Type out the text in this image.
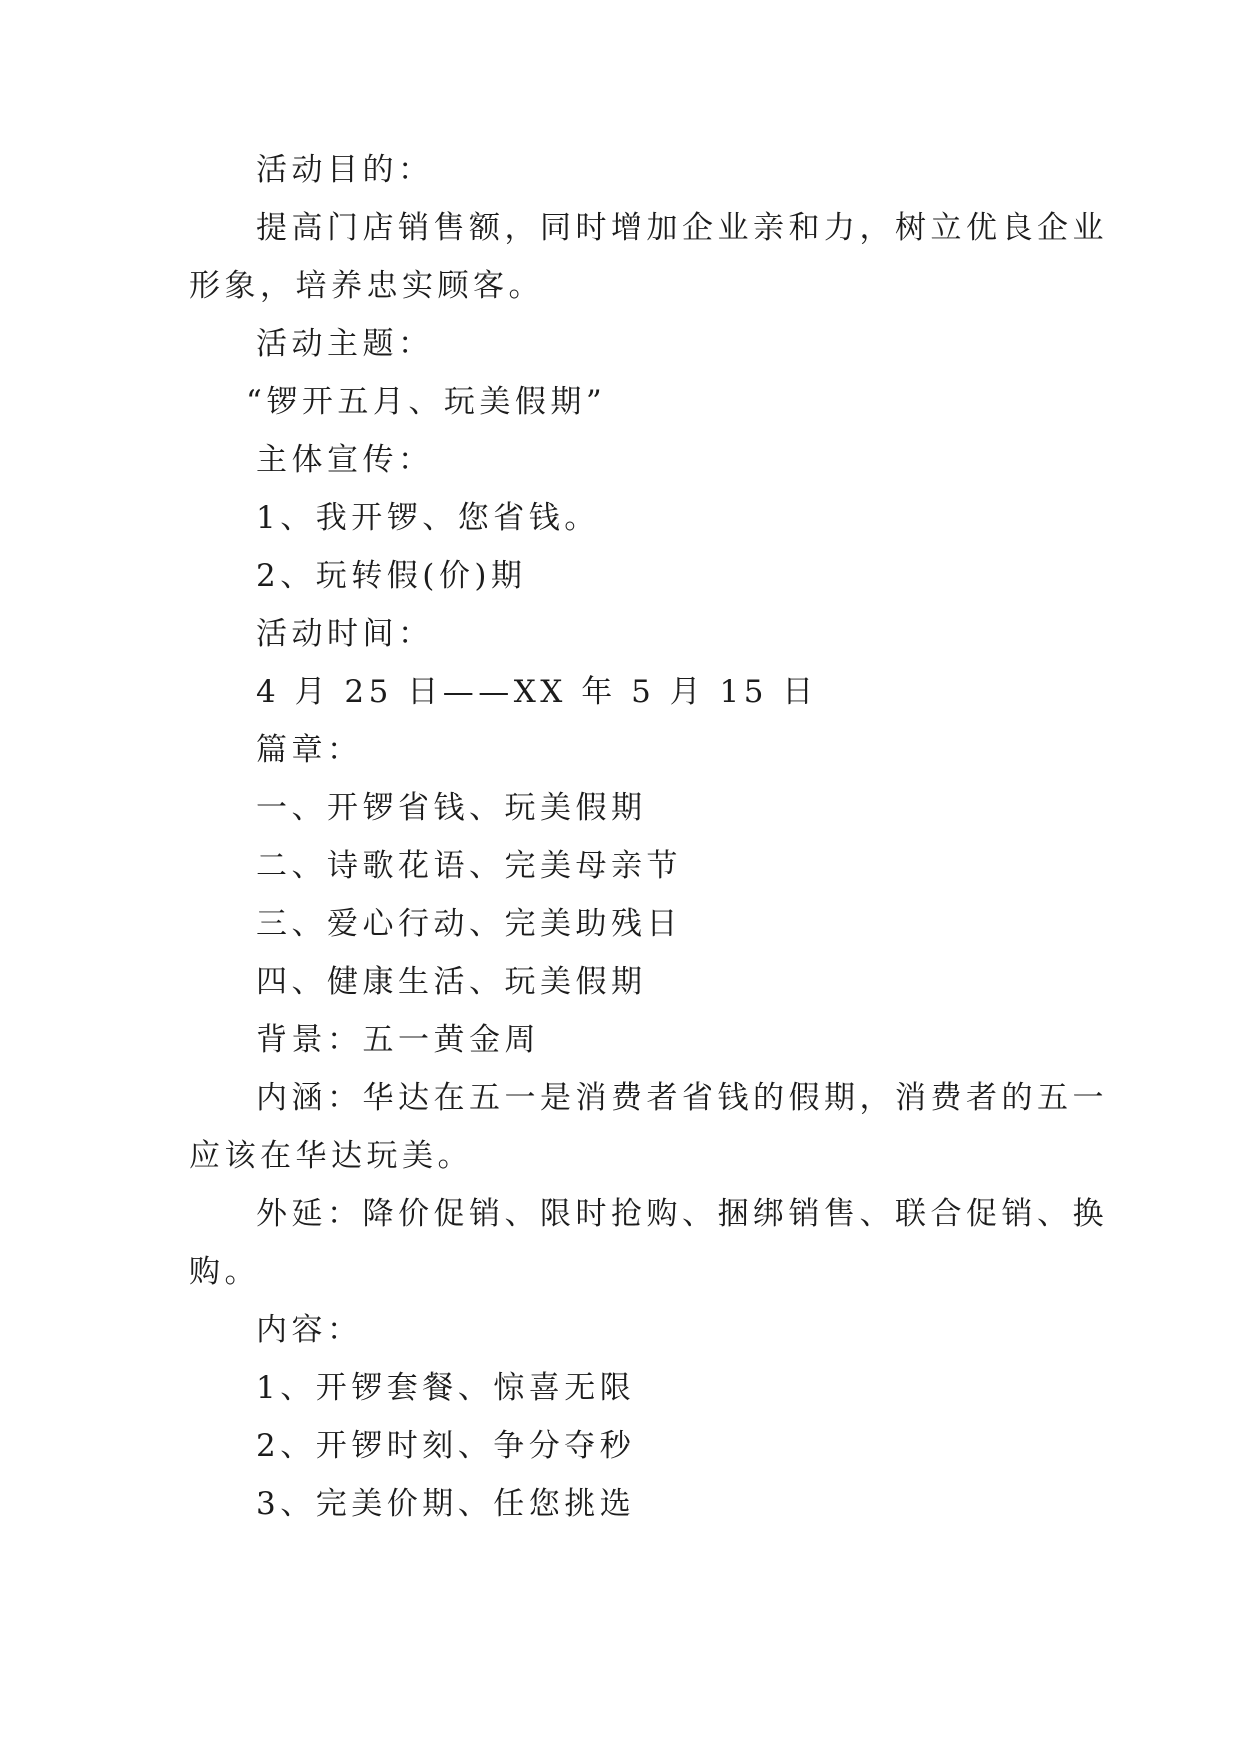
活动目的：
提高门店销售额，同时增加企业亲和力，树立优良企业
形象，培养忠实顾客。
活动主题：
“锣开五月、玩美假期”
主体宣传：
1、我开锣、您省钱。
2、玩转假(价)期
活动时间：
4 月 25 日——XX 年 5 月 15 日
篇章：
一、开锣省钱、玩美假期
二、诗歌花语、完美母亲节
三、爱心行动、完美助残日
四、健康生活、玩美假期
背景：五一黄金周
内涵：华达在五一是消费者省钱的假期，消费者的五一
应该在华达玩美。
外延：降价促销、限时抢购、捆绑销售、联合促销、换
购。
内容：
1、开锣套餐、惊喜无限
2、开锣时刻、争分夺秒
3、完美价期、任您挑选
